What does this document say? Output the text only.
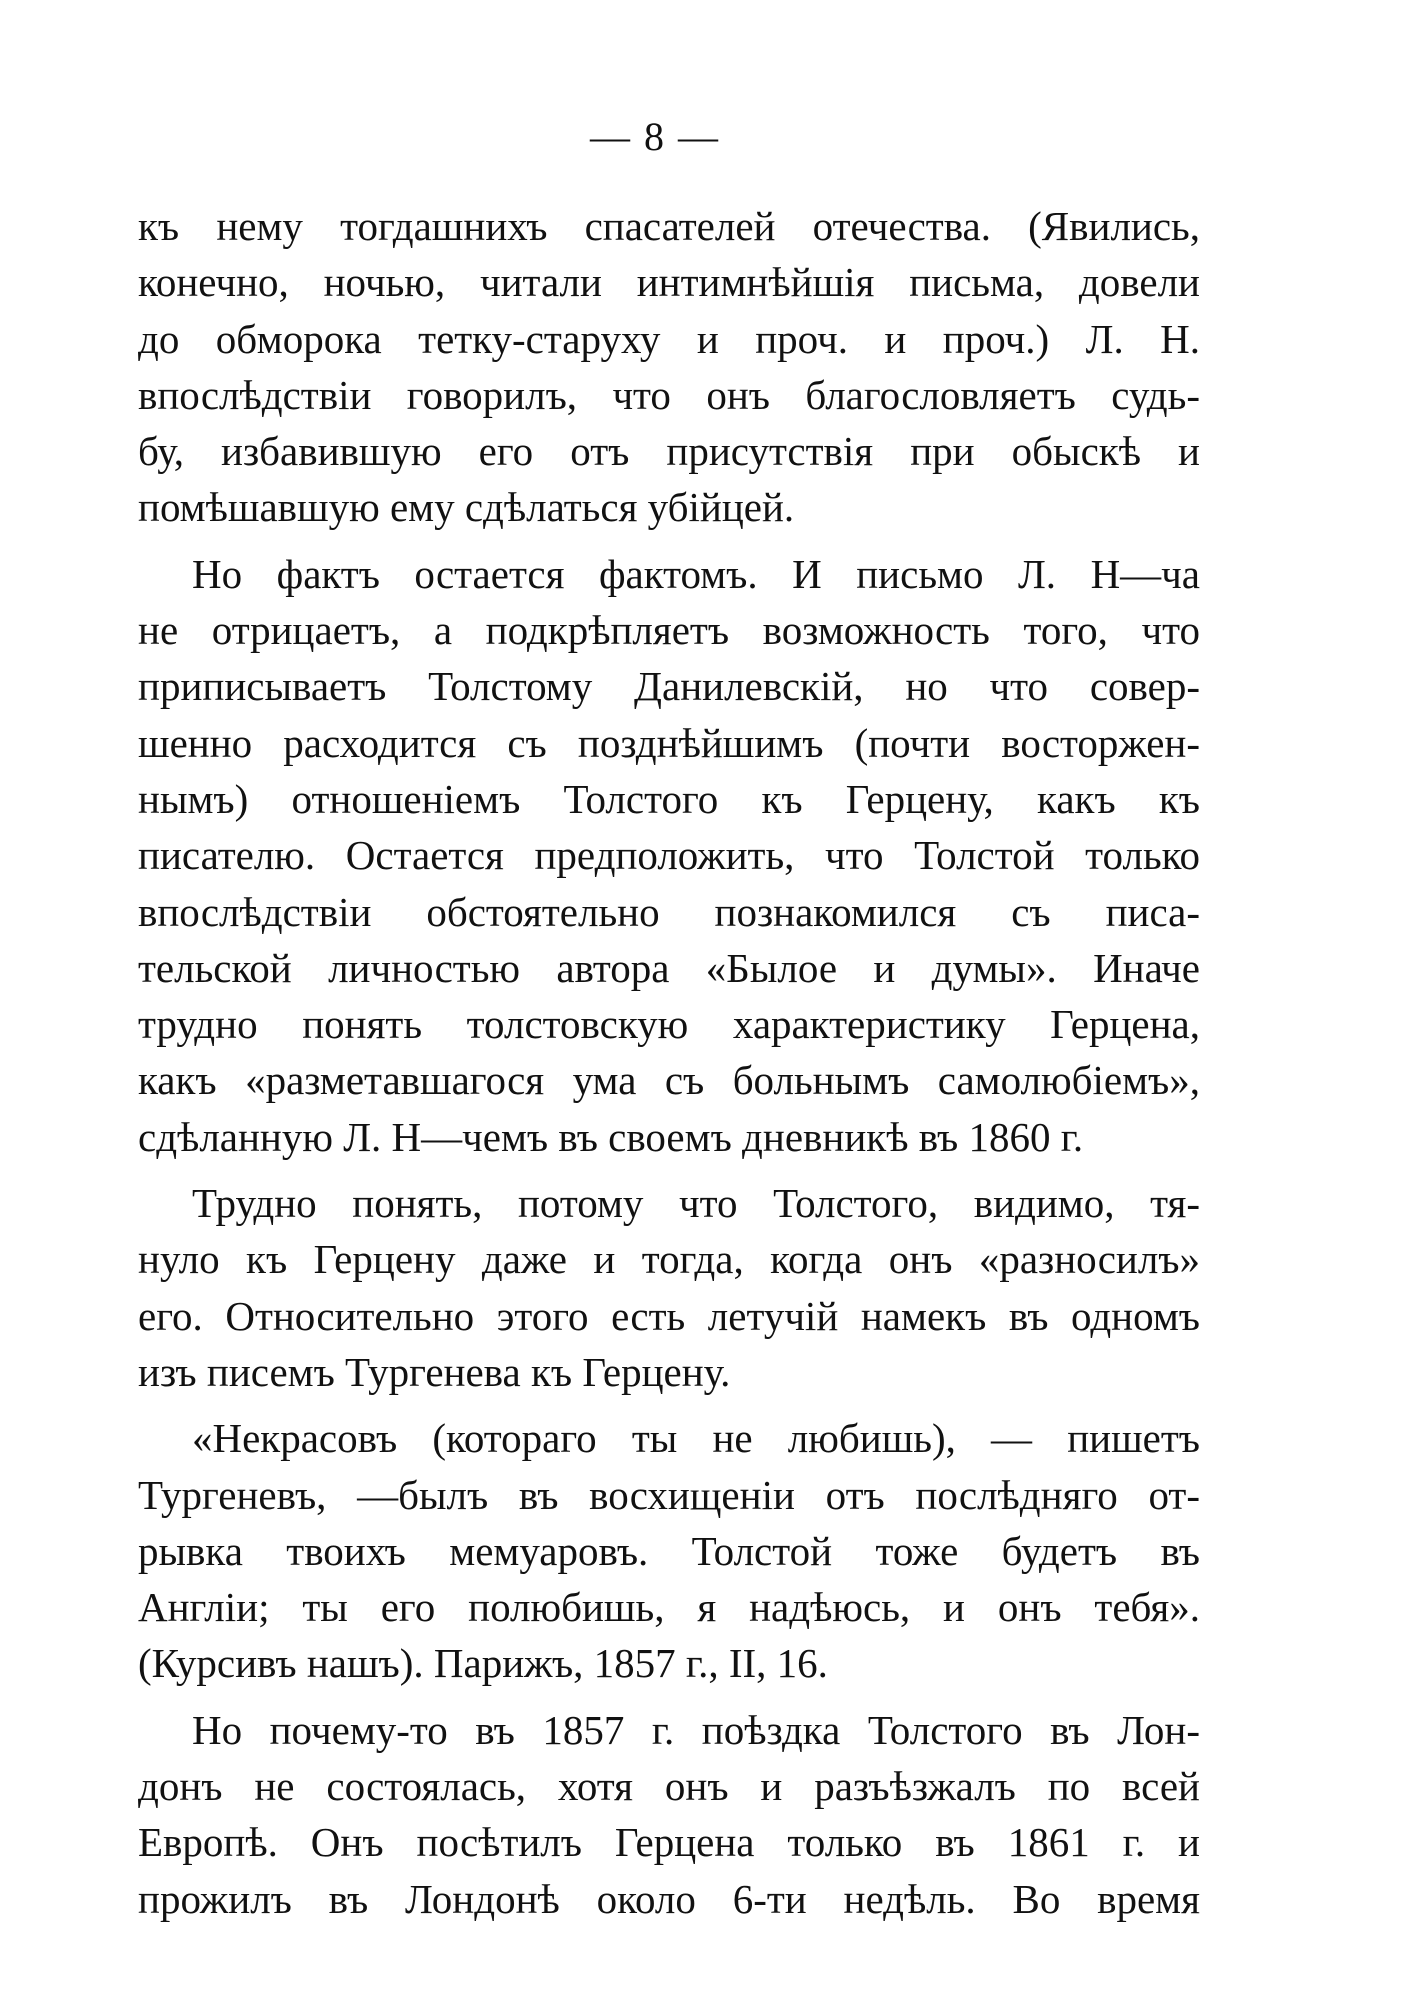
— 8 —
къ нему тогдашнихъ спасателей отечества. (Явились,
конечно, ночью, читали интимнѣйшія письма, довели
до обморока тетку-старуху и проч. и проч.) Л. Н.
впослѣдствіи говорилъ, что онъ благословляетъ судь-
бу, избавившую его отъ присутствія при обыскѣ и
помѣшавшую ему сдѣлаться убійцей.
Но фактъ остается фактомъ. И письмо Л. Н—ча
не отрицаетъ, а подкрѣпляетъ возможность того, что
приписываетъ Толстому Данилевскій, но что совер-
шенно расходится съ позднѣйшимъ (почти восторжен-
нымъ) отношеніемъ Толстого къ Герцену, какъ къ
писателю. Остается предположить, что Толстой только
впослѣдствіи обстоятельно познакомился съ писа-
тельской личностью автора «Былое и думы». Иначе
трудно понять толстовскую характеристику Герцена,
какъ «разметавшагося ума съ больнымъ самолюбіемъ»,
сдѣланную Л. Н—чемъ въ своемъ дневникѣ въ 1860 г.
Трудно понять, потому что Толстого, видимо, тя-
нуло къ Герцену даже и тогда, когда онъ «разносилъ»
его. Относительно этого есть летучій намекъ въ одномъ
изъ писемъ Тургенева къ Герцену.
«Некрасовъ (котораго ты не любишь), — пишетъ
Тургеневъ, —былъ въ восхищеніи отъ послѣдняго от-
рывка твоихъ мемуаровъ. Толстой тоже будетъ въ
Англіи; ты его полюбишь, я надѣюсь, и онъ тебя».
(Курсивъ нашъ). Парижъ, 1857 г., II, 16.
Но почему-то въ 1857 г. поѣздка Толстого въ Лон-
донъ не состоялась, хотя онъ и разъѣзжалъ по всей
Европѣ. Онъ посѣтилъ Герцена только въ 1861 г. и
прожилъ въ Лондонѣ около 6-ти недѣль. Во время
